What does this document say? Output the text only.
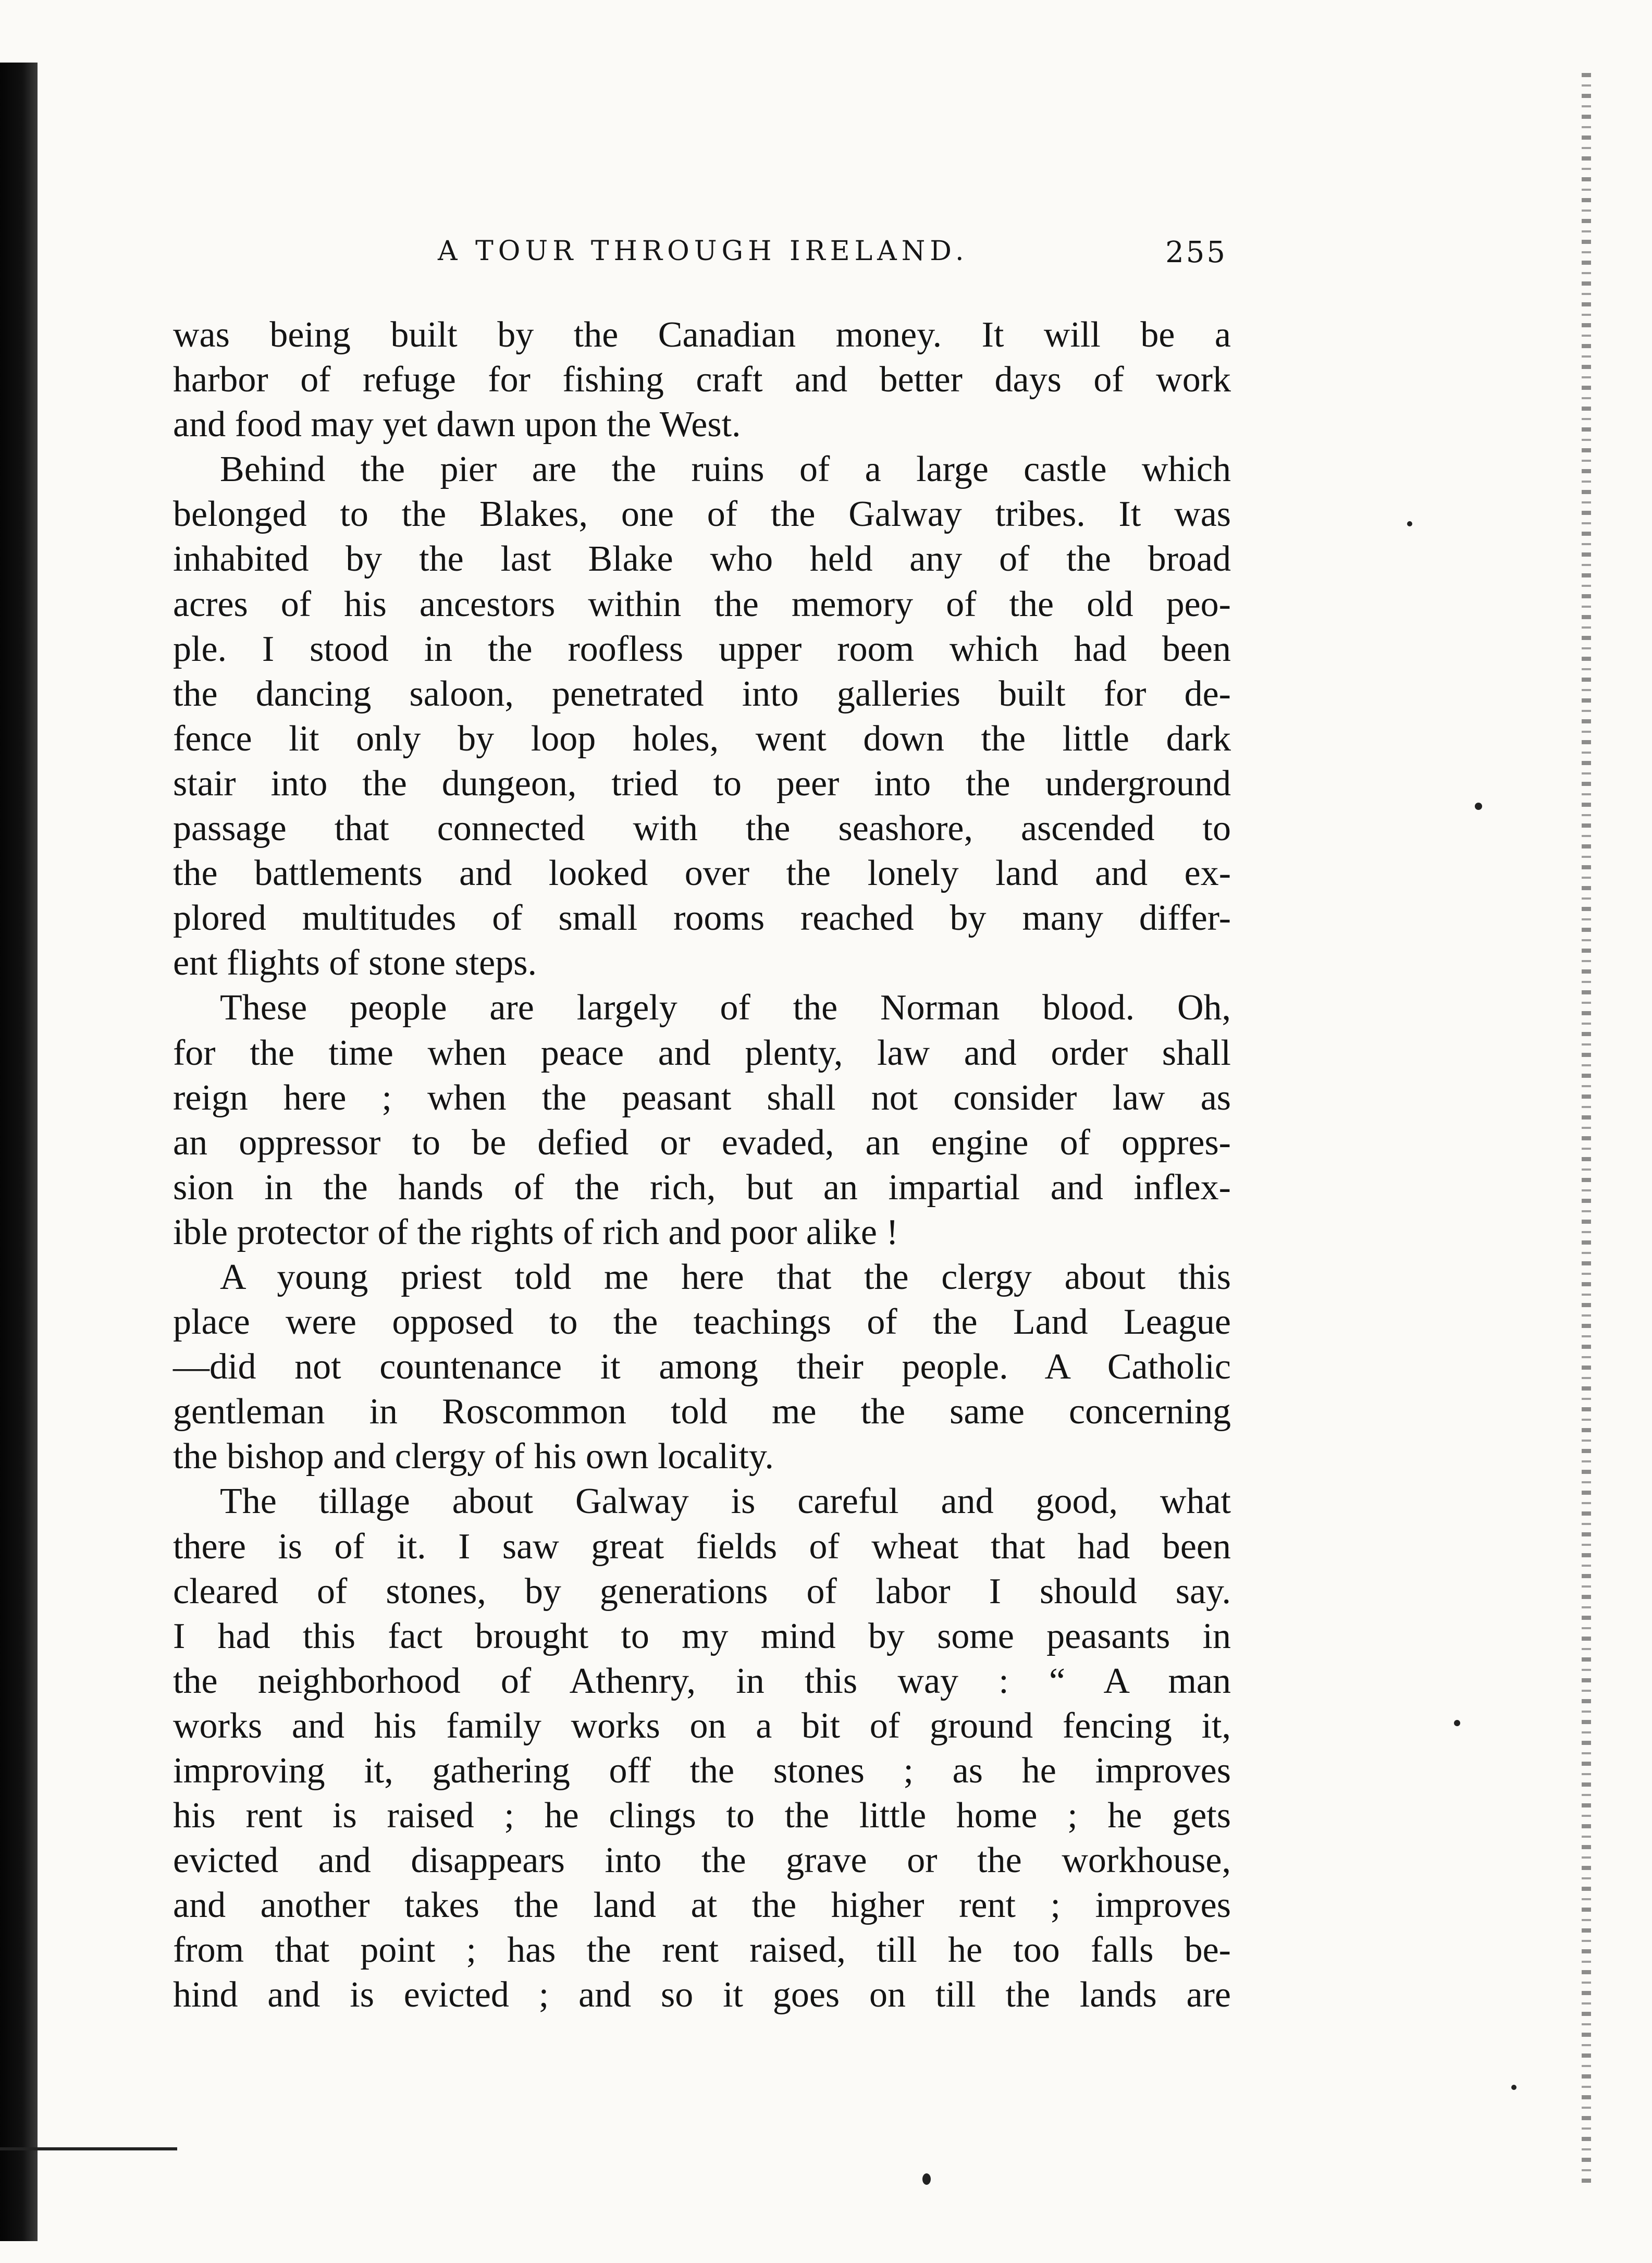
A TOUR THROUGH IRELAND.	255
was being built by the Canadian money. It will be a
harbor of refuge for fishing craft and better days of work
and food may yet dawn upon the West.
Behind the pier are the ruins of a large castle which
belonged to the Blakes, one of the Galway tribes. It was
inhabited by the last Blake who held any of the broad
acres of his ancestors within the memory of the old peo-
ple. I stood in the roofless upper room which had been
the dancing saloon, penetrated into galleries built for de-
fence lit only by loop holes, went down the little dark
stair into the dungeon, tried to peer into the underground
passage that connected with the seashore, ascended to
the battlements and looked over the lonely land and ex-
plored multitudes of small rooms reached by many differ-
ent flights of stone steps.
These people are largely of the Norman blood. Oh,
for the time when peace and plenty, law and order shall
reign here ; when the peasant shall not consider law as
an oppressor to be defied or evaded, an engine of oppres-
sion in the hands of the rich, but an impartial and inflex-
ible protector of the rights of rich and poor alike !
A young priest told me here that the clergy about this
place were opposed to the teachings of the Land League
—did not countenance it among their people. A Catholic
gentleman in Roscommon told me the same concerning
the bishop and clergy of his own locality.
The tillage about Galway is careful and good, what
there is of it. I saw great fields of wheat that had been
cleared of stones, by generations of labor I should say.
I had this fact brought to my mind by some peasants in
the neighborhood of Athenry, in this way : “ A man
works and his family works on a bit of ground fencing it,
improving it, gathering off the stones ; as he improves
his rent is raised ; he clings to the little home ; he gets
evicted and disappears into the grave or the workhouse,
and another takes the land at the higher rent ; improves
from that point ; has the rent raised, till he too falls be-
hind and is evicted ; and so it goes on till the lands are
